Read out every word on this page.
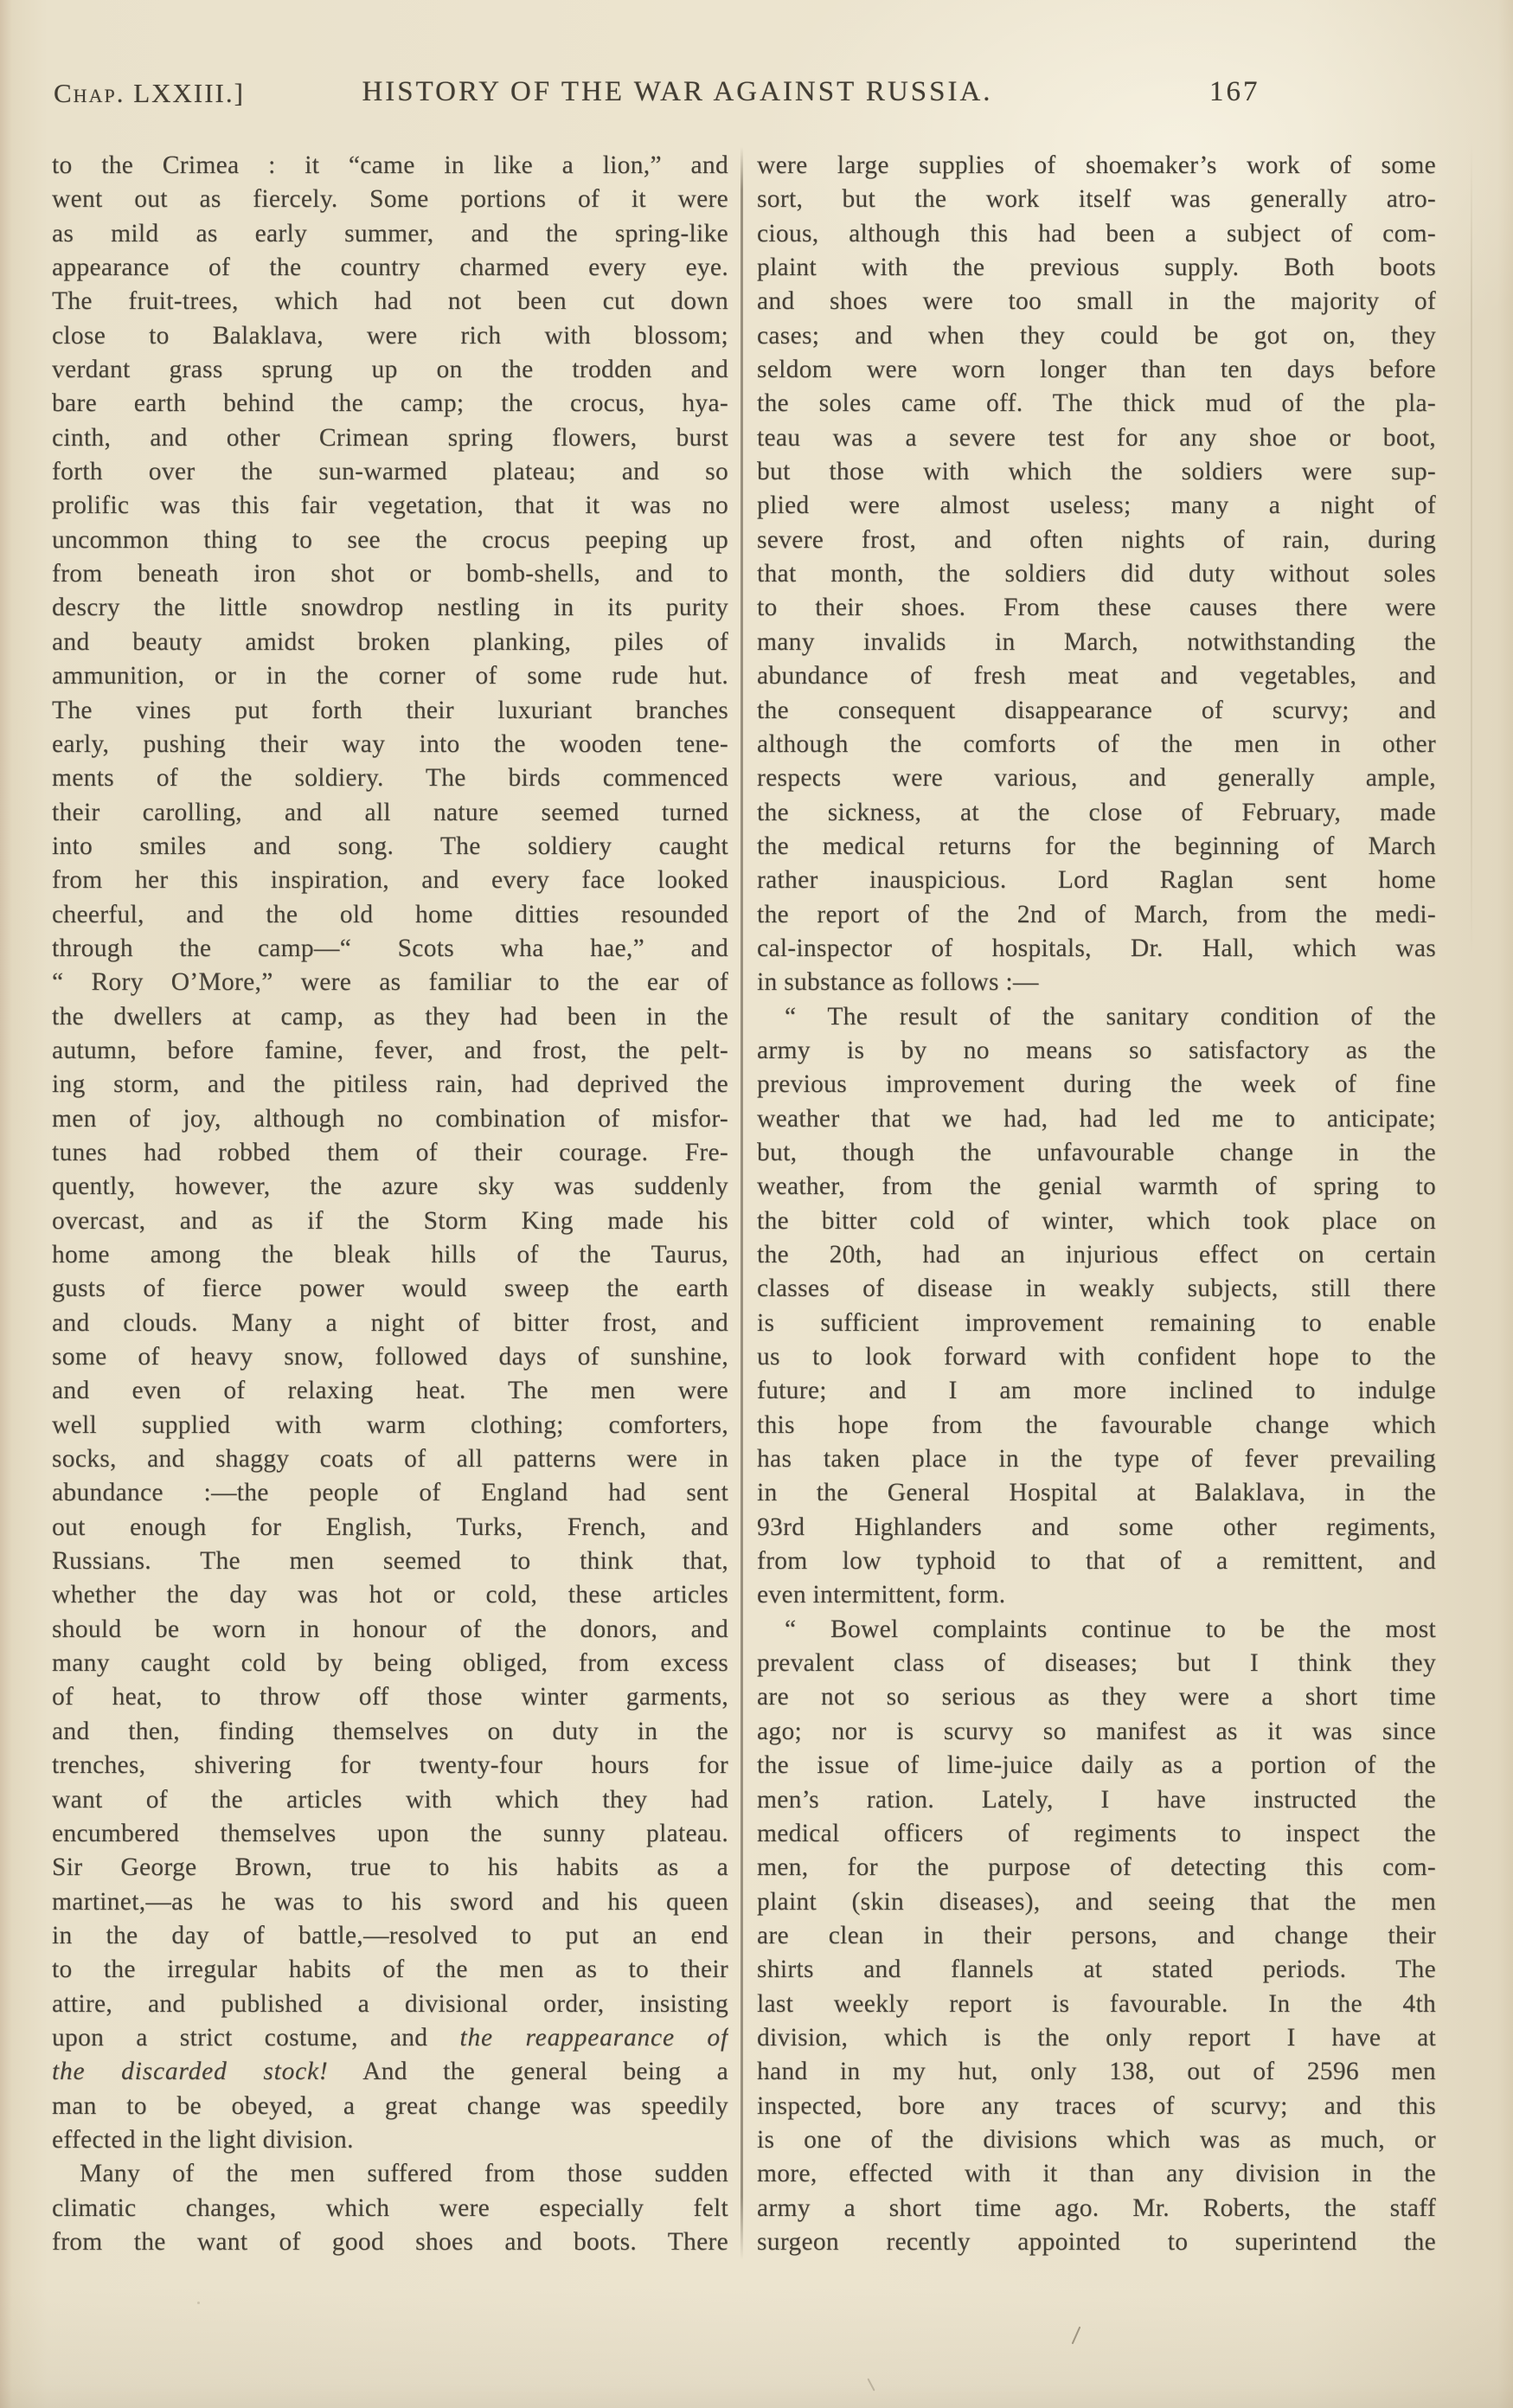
Chap. LXXIII.]	HISTORY OF THE WAR AGAINST RUSSIA.	167
to the Crimea : it “came in like a lion,” and
went out as fiercely. Some portions of it were
as mild as early summer, and the spring-like
appearance of the country charmed every eye.
The fruit-trees, which had not been cut down
close to Balaklava, were rich with blossom;
verdant grass sprung up on the trodden and
bare earth behind the camp; the crocus, hya-
cinth, and other Crimean spring flowers, burst
forth over the sun-warmed plateau; and so
prolific was this fair vegetation, that it was no
uncommon thing to see the crocus peeping up
from beneath iron shot or bomb-shells, and to
descry the little snowdrop nestling in its purity
and beauty amidst broken planking, piles of
ammunition, or in the corner of some rude hut.
The vines put forth their luxuriant branches
early, pushing their way into the wooden tene-
ments of the soldiery. The birds commenced
their carolling, and all nature seemed turned
into smiles and song. The soldiery caught
from her this inspiration, and every face looked
cheerful, and the old home ditties resounded
through the camp—“ Scots wha hae,” and
“ Rory O’More,” were as familiar to the ear of
the dwellers at camp, as they had been in the
autumn, before famine, fever, and frost, the pelt-
ing storm, and the pitiless rain, had deprived the
men of joy, although no combination of misfor-
tunes had robbed them of their courage. Fre-
quently, however, the azure sky was suddenly
overcast, and as if the Storm King made his
home among the bleak hills of the Taurus,
gusts of fierce power would sweep the earth
and clouds. Many a night of bitter frost, and
some of heavy snow, followed days of sunshine,
and even of relaxing heat. The men were
well supplied with warm clothing; comforters,
socks, and shaggy coats of all patterns were in
abundance :—the people of England had sent
out enough for English, Turks, French, and
Russians. The men seemed to think that,
whether the day was hot or cold, these articles
should be worn in honour of the donors, and
many caught cold by being obliged, from excess
of heat, to throw off those winter garments,
and then, finding themselves on duty in the
trenches, shivering for twenty-four hours for
want of the articles with which they had
encumbered themselves upon the sunny plateau.
Sir George Brown, true to his habits as a
martinet,—as he was to his sword and his queen
in the day of battle,—resolved to put an end
to the irregular habits of the men as to their
attire, and published a divisional order, insisting
upon a strict costume, and the reappearance of
the discarded stock! And the general being a
man to be obeyed, a great change was speedily
effected in the light division.
Many of the men suffered from those sudden
climatic changes, which were especially felt
from the want of good shoes and boots. There
were large supplies of shoemaker’s work of some
sort, but the work itself was generally atro-
cious, although this had been a subject of com-
plaint with the previous supply. Both boots
and shoes were too small in the majority of
cases; and when they could be got on, they
seldom were worn longer than ten days before
the soles came off. The thick mud of the pla-
teau was a severe test for any shoe or boot,
but those with which the soldiers were sup-
plied were almost useless; many a night of
severe frost, and often nights of rain, during
that month, the soldiers did duty without soles
to their shoes. From these causes there were
many invalids in March, notwithstanding the
abundance of fresh meat and vegetables, and
the consequent disappearance of scurvy; and
although the comforts of the men in other
respects were various, and generally ample,
the sickness, at the close of February, made
the medical returns for the beginning of March
rather inauspicious. Lord Raglan sent home
the report of the 2nd of March, from the medi-
cal-inspector of hospitals, Dr. Hall, which was
in substance as follows :—
“ The result of the sanitary condition of the
army is by no means so satisfactory as the
previous improvement during the week of fine
weather that we had, had led me to anticipate;
but, though the unfavourable change in the
weather, from the genial warmth of spring to
the bitter cold of winter, which took place on
the 20th, had an injurious effect on certain
classes of disease in weakly subjects, still there
is sufficient improvement remaining to enable
us to look forward with confident hope to the
future; and I am more inclined to indulge
this hope from the favourable change which
has taken place in the type of fever prevailing
in the General Hospital at Balaklava, in the
93rd Highlanders and some other regiments,
from low typhoid to that of a remittent, and
even intermittent, form.
“ Bowel complaints continue to be the most
prevalent class of diseases; but I think they
are not so serious as they were a short time
ago; nor is scurvy so manifest as it was since
the issue of lime-juice daily as a portion of the
men’s ration. Lately, I have instructed the
medical officers of regiments to inspect the
men, for the purpose of detecting this com-
plaint (skin diseases), and seeing that the men
are clean in their persons, and change their
shirts and flannels at stated periods. The
last weekly report is favourable. In the 4th
division, which is the only report I have at
hand in my hut, only 138, out of 2596 men
inspected, bore any traces of scurvy; and this
is one of the divisions which was as much, or
more, effected with it than any division in the
army a short time ago. Mr. Roberts, the staff
surgeon recently appointed to superintend the
